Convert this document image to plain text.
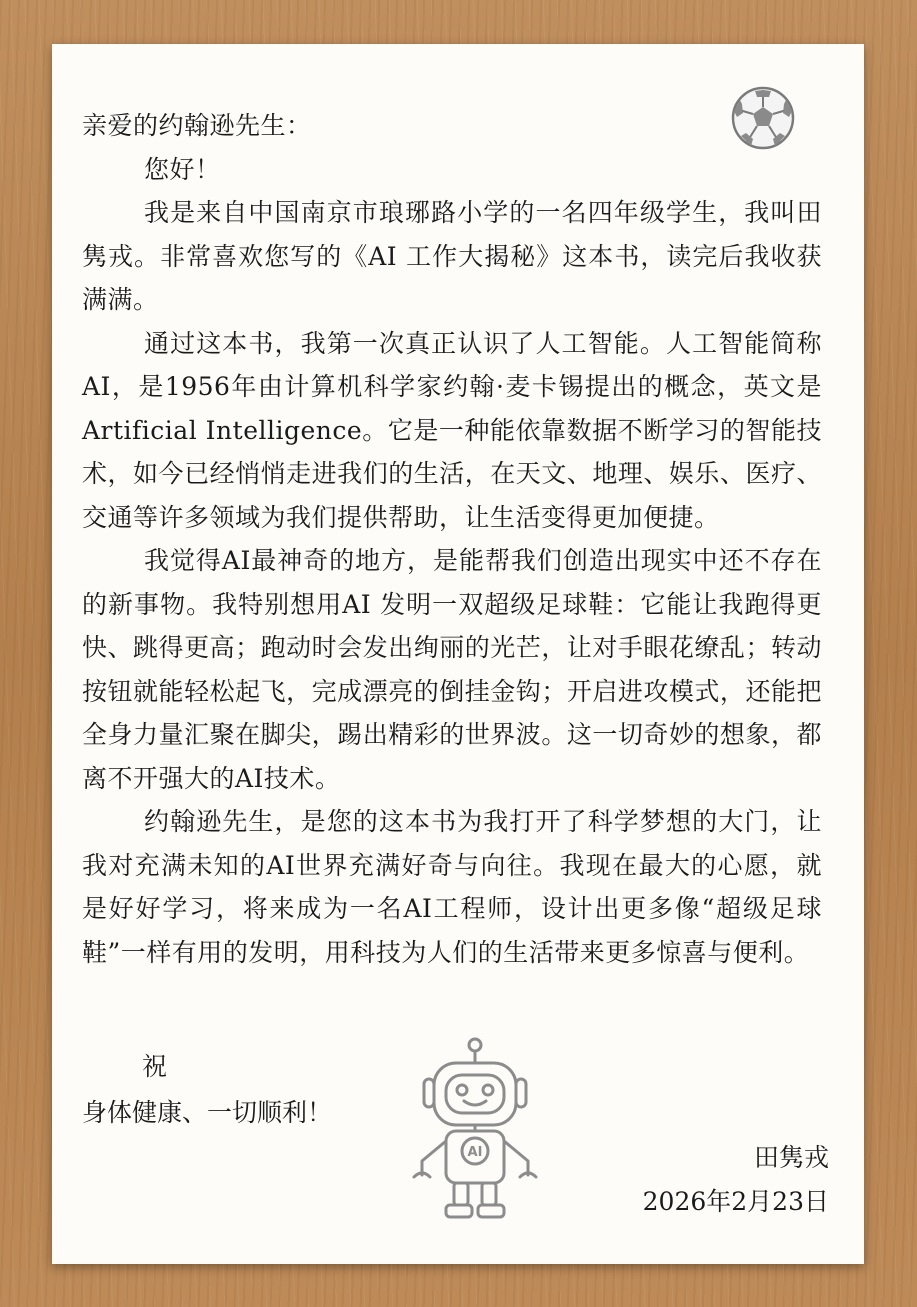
亲爱的约翰逊先生：

您好！

我是来自中国南京市琅琊路小学的一名四年级学生，我叫田隽戎。非常喜欢您写的《AI 工作大揭秘》这本书，读完后我收获满满。

通过这本书，我第一次真正认识了人工智能。人工智能简称AI，是1956年由计算机科学家约翰·麦卡锡提出的概念，英文是Artificial Intelligence。它是一种能依靠数据不断学习的智能技术，如今已经悄悄走进我们的生活，在天文、地理、娱乐、医疗、交通等许多领域为我们提供帮助，让生活变得更加便捷。

我觉得AI最神奇的地方，是能帮我们创造出现实中还不存在的新事物。我特别想用AI 发明一双超级足球鞋：它能让我跑得更快、跳得更高；跑动时会发出绚丽的光芒，让对手眼花缭乱；转动按钮就能轻松起飞，完成漂亮的倒挂金钩；开启进攻模式，还能把全身力量汇聚在脚尖，踢出精彩的世界波。这一切奇妙的想象，都离不开强大的AI技术。

约翰逊先生，是您的这本书为我打开了科学梦想的大门，让我对充满未知的AI世界充满好奇与向往。我现在最大的心愿，就是好好学习，将来成为一名AI工程师，设计出更多像“超级足球鞋”一样有用的发明，用科技为人们的生活带来更多惊喜与便利。

祝
身体健康、一切顺利！
田隽戎
2026年2月23日
AI
